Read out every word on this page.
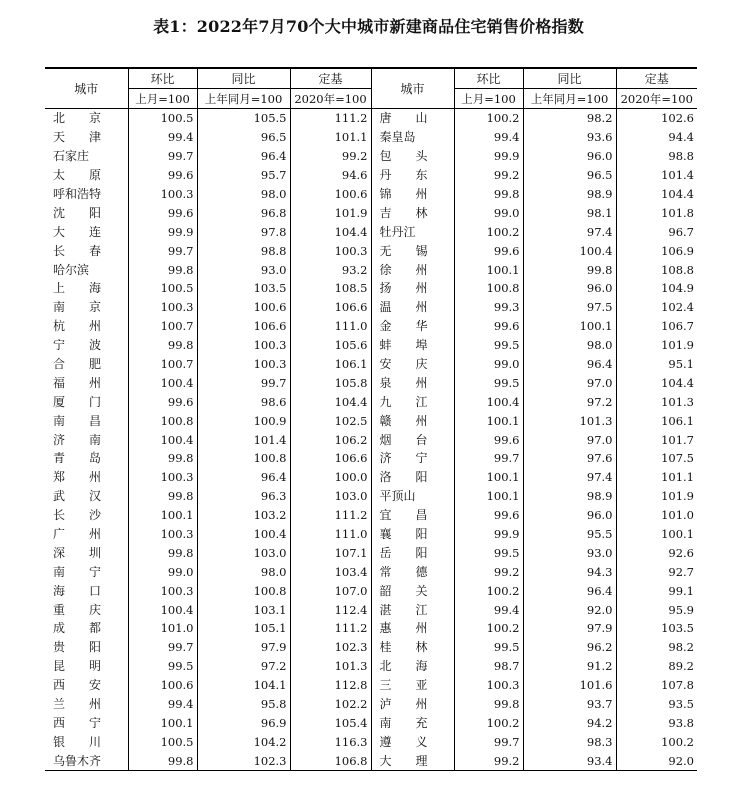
表1：2022年7月70个大中城市新建商品住宅销售价格指数
城市	环比	同比	定基	城市	环比	同比	定基
	上月=100	上年同月=100	2020年=100		上月=100	上年同月=100	2020年=100
北　　京	100.5	105.5	111.2	唐　　山	100.2	98.2	102.6
天　　津	99.4	96.5	101.1	秦皇岛	99.4	93.6	94.4
石家庄	99.7	96.4	99.2	包　　头	99.9	96.0	98.8
太　　原	99.6	95.7	94.6	丹　　东	99.2	96.5	101.4
呼和浩特	100.3	98.0	100.6	锦　　州	99.8	98.9	104.4
沈　　阳	99.6	96.8	101.9	吉　　林	99.0	98.1	101.8
大　　连	99.9	97.8	104.4	牡丹江	100.2	97.4	96.7
长　　春	99.7	98.8	100.3	无　　锡	99.6	100.4	106.9
哈尔滨	99.8	93.0	93.2	徐　　州	100.1	99.8	108.8
上　　海	100.5	103.5	108.5	扬　　州	100.8	96.0	104.9
南　　京	100.3	100.6	106.6	温　　州	99.3	97.5	102.4
杭　　州	100.7	106.6	111.0	金　　华	99.6	100.1	106.7
宁　　波	99.8	100.3	105.6	蚌　　埠	99.5	98.0	101.9
合　　肥	100.7	100.3	106.1	安　　庆	99.0	96.4	95.1
福　　州	100.4	99.7	105.8	泉　　州	99.5	97.0	104.4
厦　　门	99.6	98.6	104.4	九　　江	100.4	97.2	101.3
南　　昌	100.8	100.9	102.5	赣　　州	100.1	101.3	106.1
济　　南	100.4	101.4	106.2	烟　　台	99.6	97.0	101.7
青　　岛	99.8	100.8	106.6	济　　宁	99.7	97.6	107.5
郑　　州	100.3	96.4	100.0	洛　　阳	100.1	97.4	101.1
武　　汉	99.8	96.3	103.0	平顶山	100.1	98.9	101.9
长　　沙	100.1	103.2	111.2	宜　　昌	99.6	96.0	101.0
广　　州	100.3	100.4	111.0	襄　　阳	99.9	95.5	100.1
深　　圳	99.8	103.0	107.1	岳　　阳	99.5	93.0	92.6
南　　宁	99.0	98.0	103.4	常　　德	99.2	94.3	92.7
海　　口	100.3	100.8	107.0	韶　　关	100.2	96.4	99.1
重　　庆	100.4	103.1	112.4	湛　　江	99.4	92.0	95.9
成　　都	101.0	105.1	111.2	惠　　州	100.2	97.9	103.5
贵　　阳	99.7	97.9	102.3	桂　　林	99.5	96.2	98.2
昆　　明	99.5	97.2	101.3	北　　海	98.7	91.2	89.2
西　　安	100.6	104.1	112.8	三　　亚	100.3	101.6	107.8
兰　　州	99.4	95.8	102.2	泸　　州	99.8	93.7	93.5
西　　宁	100.1	96.9	105.4	南　　充	100.2	94.2	93.8
银　　川	100.5	104.2	116.3	遵　　义	99.7	98.3	100.2
乌鲁木齐	99.8	102.3	106.8	大　　理	99.2	93.4	92.0
